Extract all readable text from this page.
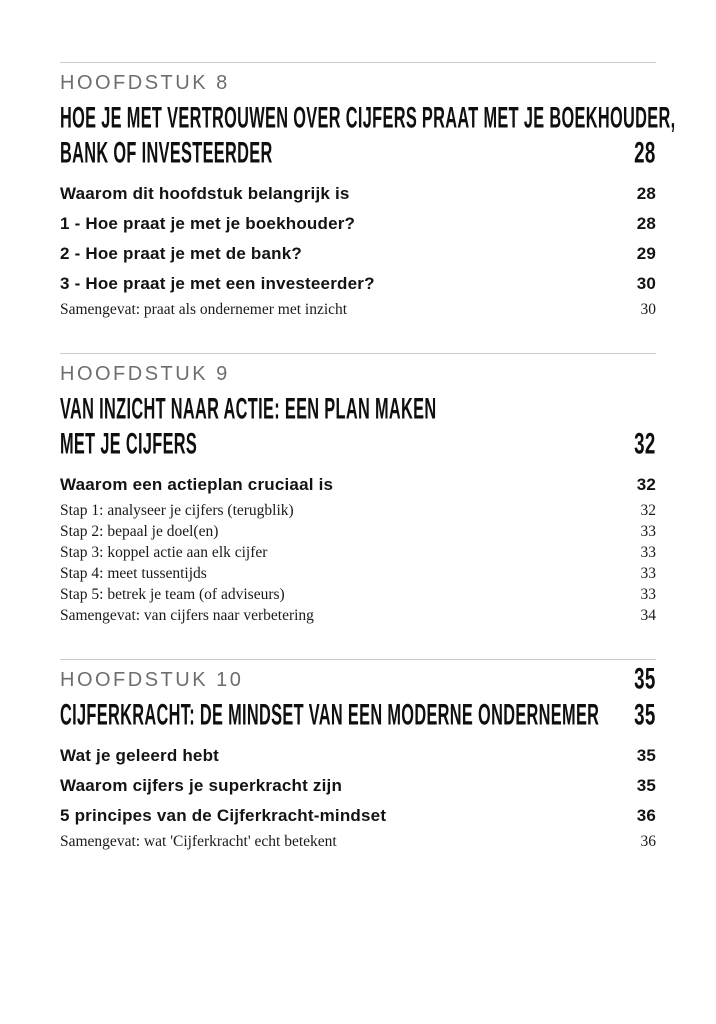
HOOFDSTUK 8
HOE JE MET VERTROUWEN OVER CIJFERS PRAAT MET JE BOEKHOUDER,
BANK OF INVESTEERDER	28
Waarom dit hoofdstuk belangrijk is	28
1 - Hoe praat je met je boekhouder?	28
2 - Hoe praat je met de bank?	29
3 - Hoe praat je met een investeerder?	30
Samengevat: praat als ondernemer met inzicht	30
HOOFDSTUK 9
VAN INZICHT NAAR ACTIE: EEN PLAN MAKEN
MET JE CIJFERS	32
Waarom een actieplan cruciaal is	32
Stap 1: analyseer je cijfers (terugblik)	32
Stap 2: bepaal je doel(en)	33
Stap 3: koppel actie aan elk cijfer	33
Stap 4: meet tussentijds	33
Stap 5: betrek je team (of adviseurs)	33
Samengevat: van cijfers naar verbetering	34
HOOFDSTUK 10	35
CIJFERKRACHT: DE MINDSET VAN EEN MODERNE ONDERNEMER 35
Wat je geleerd hebt	35
Waarom cijfers je superkracht zijn	35
5 principes van de Cijferkracht-mindset	36
Samengevat: wat 'Cijferkracht' echt betekent	36
